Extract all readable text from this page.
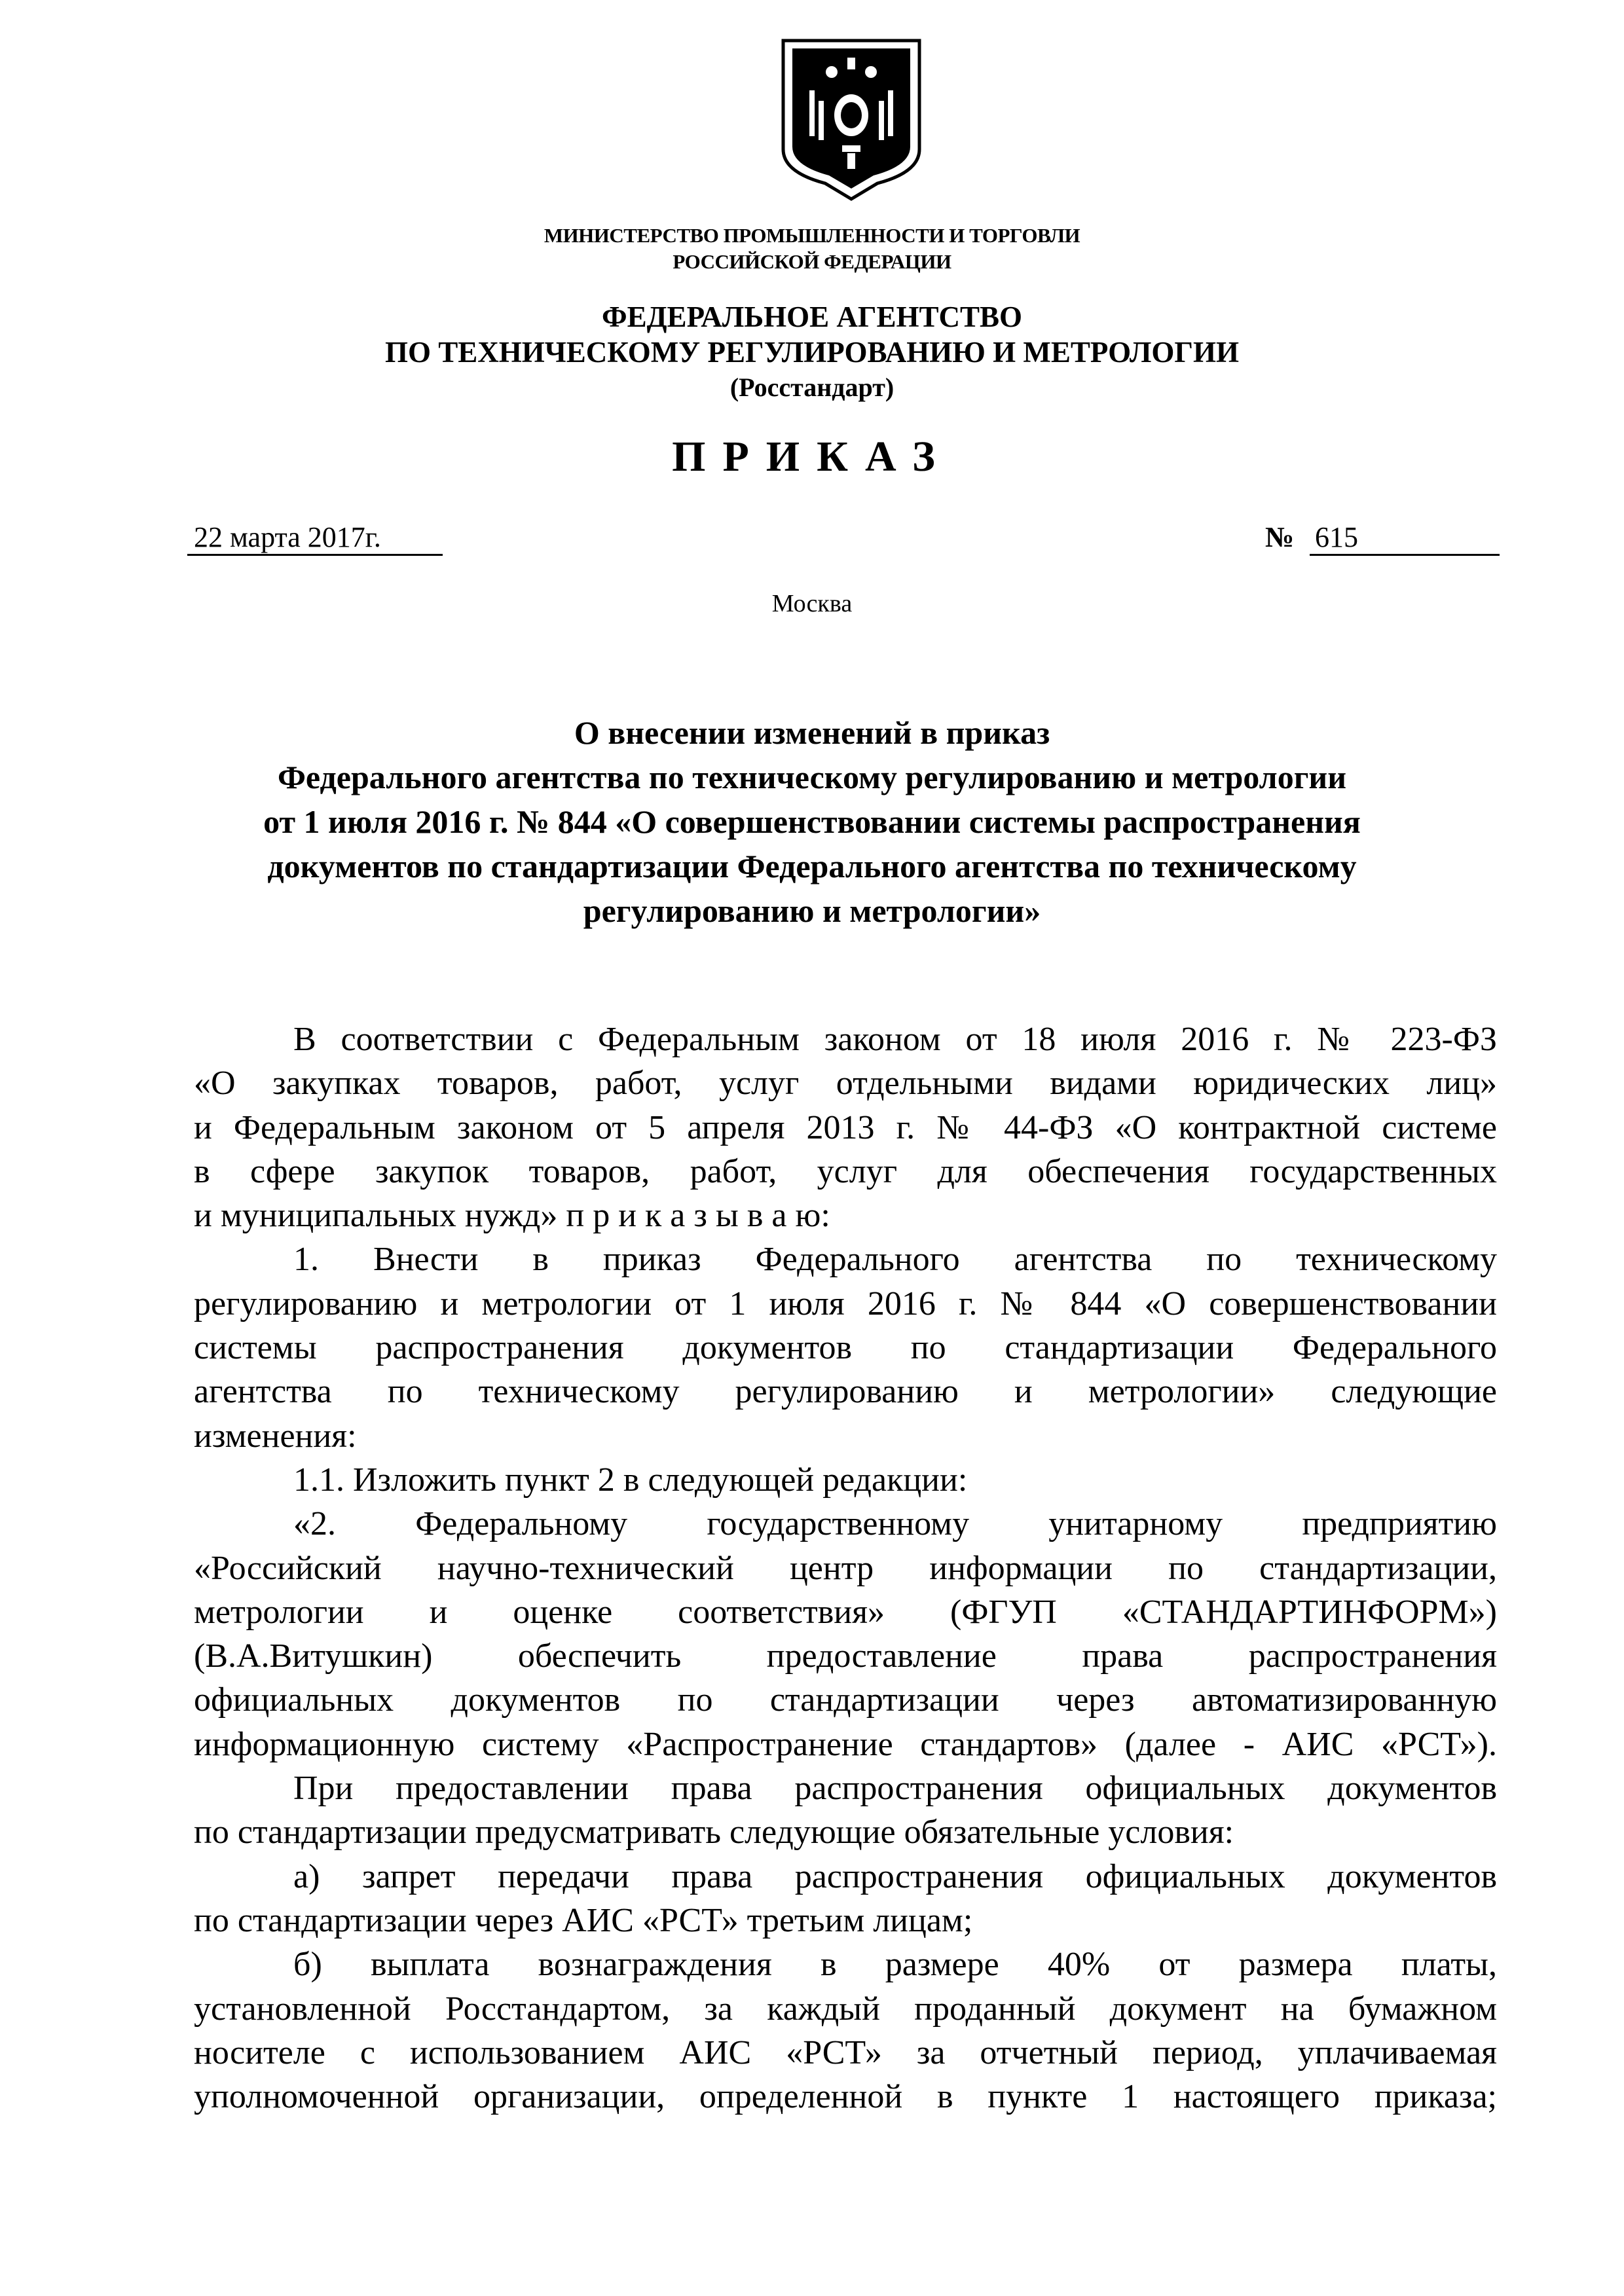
МИНИСТЕРСТВО ПРОМЫШЛЕННОСТИ И ТОРГОВЛИ
РОССИЙСКОЙ ФЕДЕРАЦИИ
ФЕДЕРАЛЬНОЕ АГЕНТСТВО
ПО ТЕХНИЧЕСКОМУ РЕГУЛИРОВАНИЮ И МЕТРОЛОГИИ
(Росстандарт)
ПРИКАЗ
22 марта 2017г.	№ 615
Москва
О внесении изменений в приказ
Федерального агентства по техническому регулированию и метрологии
от 1 июля 2016 г. № 844 «О совершенствовании системы распространения
документов по стандартизации Федерального агентства по техническому
регулированию и метрологии»
В соответствии с Федеральным законом от 18 июля 2016 г. № 223-ФЗ
«О закупках товаров, работ, услуг отдельными видами юридических лиц»
и Федеральным законом от 5 апреля 2013 г. № 44-ФЗ «О контрактной системе
в сфере закупок товаров, работ, услуг для обеспечения государственных
и муниципальных нужд» п р и к а з ы в а ю:
1. Внести в приказ Федерального агентства по техническому
регулированию и метрологии от 1 июля 2016 г. № 844 «О совершенствовании
системы распространения документов по стандартизации Федерального
агентства по техническому регулированию и метрологии» следующие
изменения:
1.1. Изложить пункт 2 в следующей редакции:
«2. Федеральному государственному унитарному предприятию
«Российский научно-технический центр информации по стандартизации,
метрологии и оценке соответствия» (ФГУП «СТАНДАРТИНФОРМ»)
(В.А.Витушкин) обеспечить предоставление права распространения
официальных документов по стандартизации через автоматизированную
информационную систему «Распространение стандартов» (далее - АИС «РСТ»).
При предоставлении права распространения официальных документов
по стандартизации предусматривать следующие обязательные условия:
а) запрет передачи права распространения официальных документов
по стандартизации через АИС «РСТ» третьим лицам;
б) выплата вознаграждения в размере 40% от размера платы,
установленной Росстандартом, за каждый проданный документ на бумажном
носителе с использованием АИС «РСТ» за отчетный период, уплачиваемая
уполномоченной организации, определенной в пункте 1 настоящего приказа;
